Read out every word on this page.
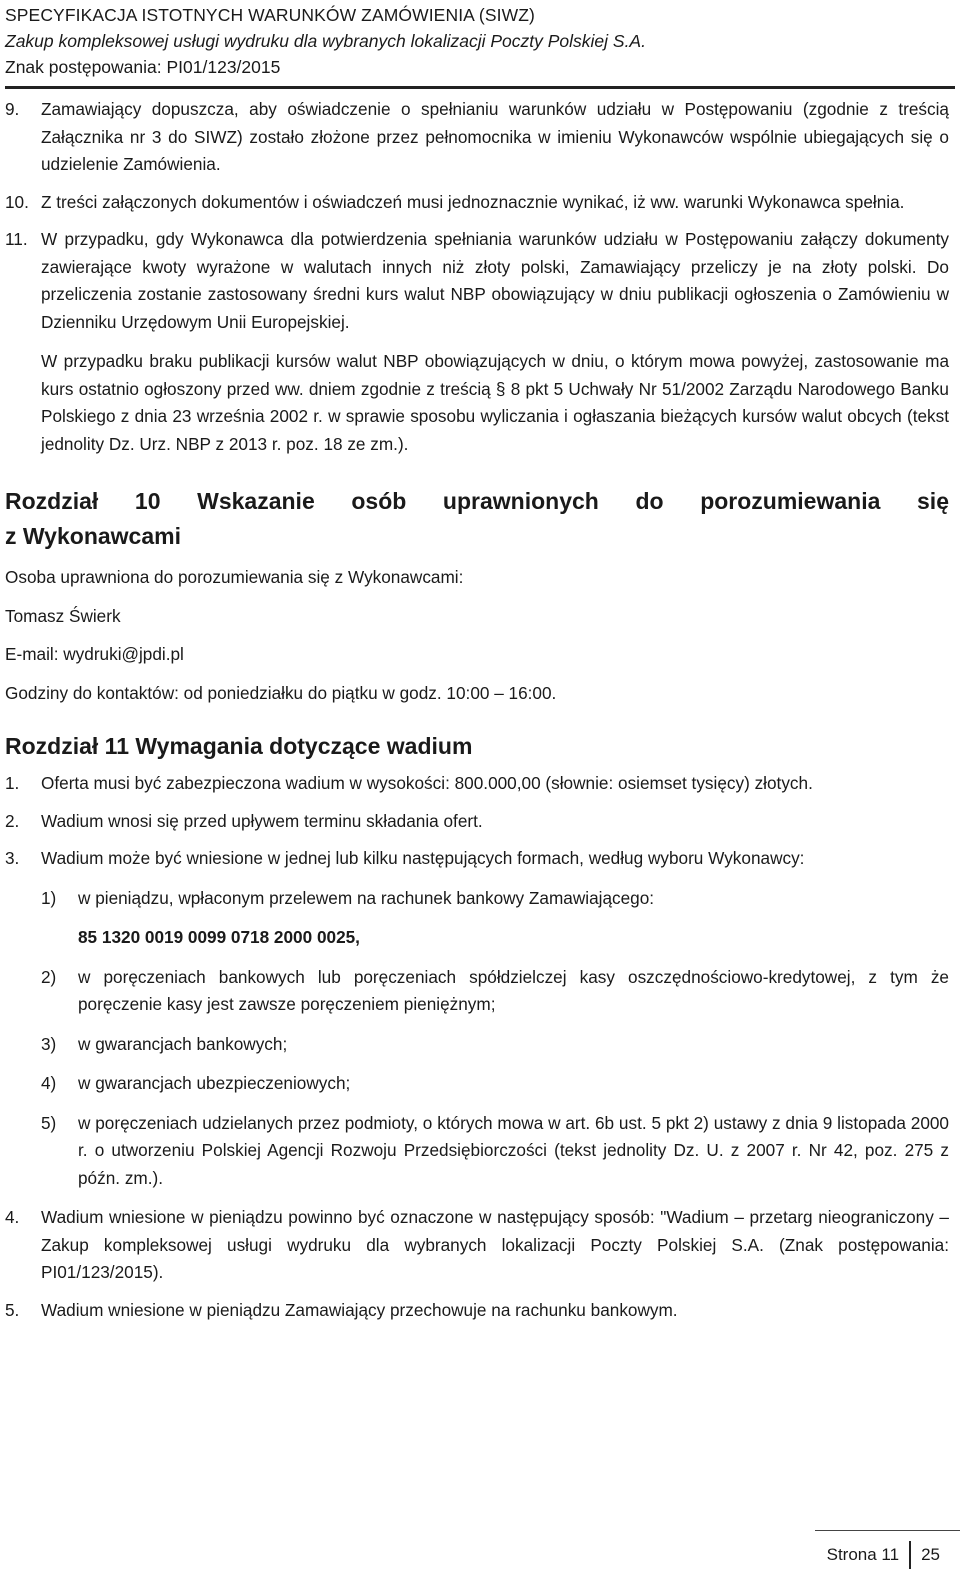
SPECYFIKACJA ISTOTNYCH WARUNKÓW ZAMÓWIENIA (SIWZ)
Zakup kompleksowej usługi wydruku dla wybranych lokalizacji Poczty Polskiej S.A.
Znak postępowania: PI01/123/2015
9. Zamawiający dopuszcza, aby oświadczenie o spełnianiu warunków udziału w Postępowaniu (zgodnie z treścią Załącznika nr 3 do SIWZ) zostało złożone przez pełnomocnika w imieniu Wykonawców wspólnie ubiegających się o udzielenie Zamówienia.
10. Z treści załączonych dokumentów i oświadczeń musi jednoznacznie wynikać, iż ww. warunki Wykonawca spełnia.
11. W przypadku, gdy Wykonawca dla potwierdzenia spełniania warunków udziału w Postępowaniu załączy dokumenty zawierające kwoty wyrażone w walutach innych niż złoty polski, Zamawiający przeliczy je na złoty polski. Do przeliczenia zostanie zastosowany średni kurs walut NBP obowiązujący w dniu publikacji ogłoszenia o Zamówieniu w Dzienniku Urzędowym Unii Europejskiej.
W przypadku braku publikacji kursów walut NBP obowiązujących w dniu, o którym mowa powyżej, zastosowanie ma kurs ostatnio ogłoszony przed ww. dniem zgodnie z treścią § 8 pkt 5 Uchwały Nr 51/2002 Zarządu Narodowego Banku Polskiego z dnia 23 września 2002 r. w sprawie sposobu wyliczania i ogłaszania bieżących kursów walut obcych (tekst jednolity Dz. Urz. NBP z 2013 r. poz. 18 ze zm.).
Rozdział 10 Wskazanie osób uprawnionych do porozumiewania się
z Wykonawcami
Osoba uprawniona do porozumiewania się z Wykonawcami:
Tomasz Świerk
E-mail: wydruki@jpdi.pl
Godziny do kontaktów: od poniedziałku do piątku w godz. 10:00 – 16:00.
Rozdział 11 Wymagania dotyczące wadium
1. Oferta musi być zabezpieczona wadium w wysokości: 800.000,00 (słownie: osiemset tysięcy) złotych.
2. Wadium wnosi się przed upływem terminu składania ofert.
3. Wadium może być wniesione w jednej lub kilku następujących formach, według wyboru Wykonawcy:
1) w pieniądzu, wpłaconym przelewem na rachunek bankowy Zamawiającego:
85 1320 0019 0099 0718 2000 0025,
2) w poręczeniach bankowych lub poręczeniach spółdzielczej kasy oszczędnościowo-kredytowej, z tym że poręczenie kasy jest zawsze poręczeniem pieniężnym;
3) w gwarancjach bankowych;
4) w gwarancjach ubezpieczeniowych;
5) w poręczeniach udzielanych przez podmioty, o których mowa w art. 6b ust. 5 pkt 2) ustawy z dnia 9 listopada 2000 r. o utworzeniu Polskiej Agencji Rozwoju Przedsiębiorczości (tekst jednolity Dz. U. z 2007 r. Nr 42, poz. 275 z późn. zm.).
4. Wadium wniesione w pieniądzu powinno być oznaczone w następujący sposób: "Wadium – przetarg nieograniczony – Zakup kompleksowej usługi wydruku dla wybranych lokalizacji Poczty Polskiej S.A. (Znak postępowania: PI01/123/2015).
5. Wadium wniesione w pieniądzu Zamawiający przechowuje na rachunku bankowym.
Strona 11 25
